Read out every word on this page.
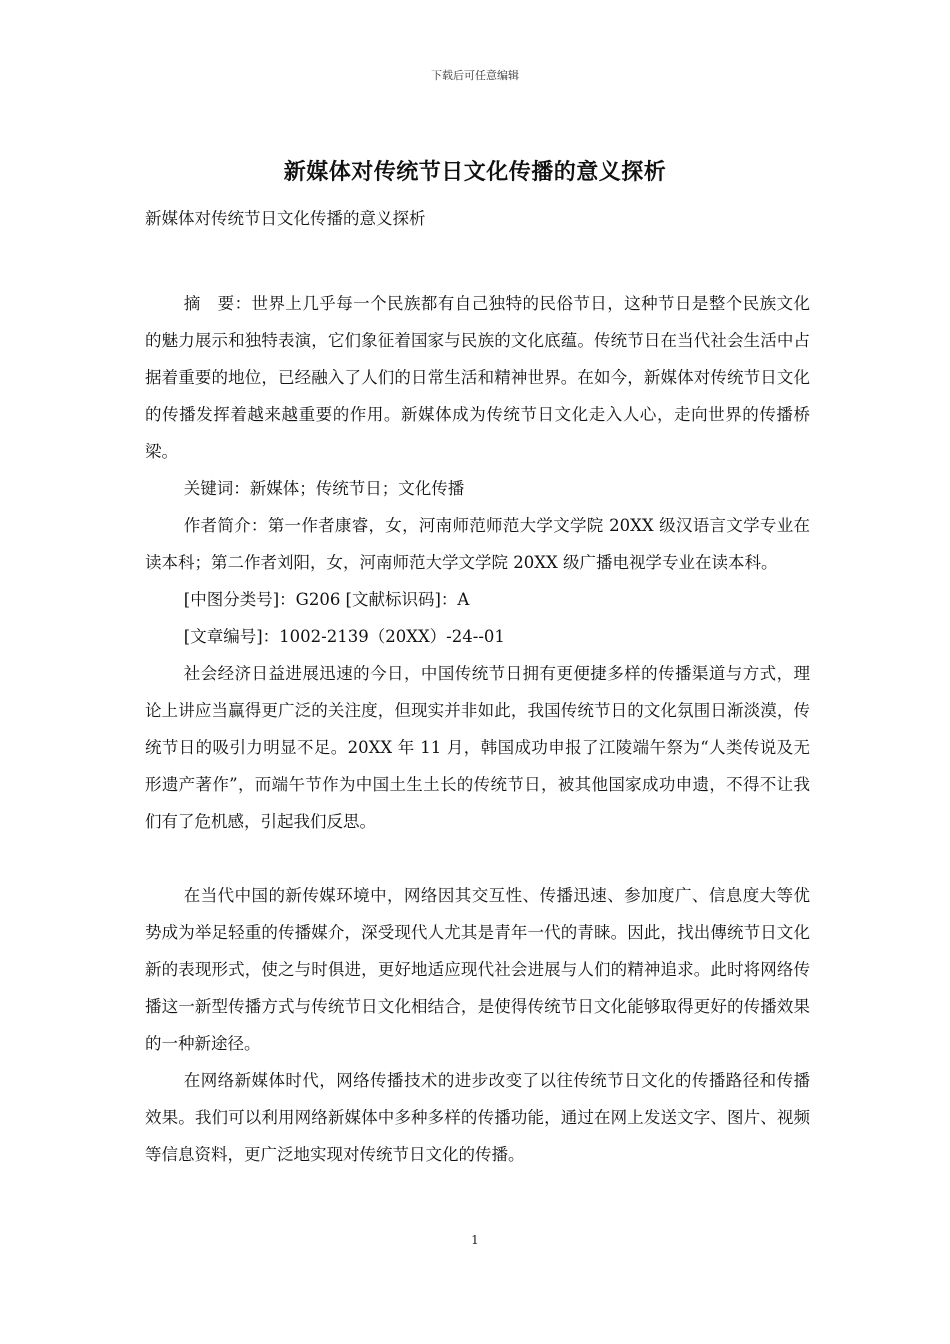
下载后可任意编辑
新媒体对传统节日文化传播的意义探析

新媒体对传统节日文化传播的意义探析

摘　要：世界上几乎每一个民族都有自己独特的民俗节日，这种节日是整个民族文化的魅力展示和独特表演，它们象征着国家与民族的文化底蕴。传统节日在当代社会生活中占据着重要的地位，已经融入了人们的日常生活和精神世界。在如今，新媒体对传统节日文化的传播发挥着越来越重要的作用。新媒体成为传统节日文化走入人心，走向世界的传播桥梁。

关键词：新媒体；传统节日；文化传播

作者简介：第一作者康睿，女，河南师范师范大学文学院 20XX 级汉语言文学专业在读本科；第二作者刘阳，女，河南师范大学文学院 20XX 级广播电视学专业在读本科。

[中图分类号]：G206 [文献标识码]：A

[文章编号]：1002-2139（20XX）-24--01

社会经济日益进展迅速的今日，中国传统节日拥有更便捷多样的传播渠道与方式，理论上讲应当赢得更广泛的关注度，但现实并非如此，我国传统节日的文化氛围日渐淡漠，传统节日的吸引力明显不足。20XX 年 11 月，韩国成功申报了江陵端午祭为“人类传说及无形遗产著作”，而端午节作为中国土生土长的传统节日，被其他国家成功申遗，不得不让我们有了危机感，引起我们反思。

在当代中国的新传媒环境中，网络因其交互性、传播迅速、参加度广、信息度大等优势成为举足轻重的传播媒介，深受现代人尤其是青年一代的青睐。因此，找出傳统节日文化新的表现形式，使之与时俱进，更好地适应现代社会进展与人们的精神追求。此时将网络传播这一新型传播方式与传统节日文化相结合，是使得传统节日文化能够取得更好的传播效果的一种新途径。

在网络新媒体时代，网络传播技术的进步改变了以往传统节日文化的传播路径和传播效果。我们可以利用网络新媒体中多种多样的传播功能，通过在网上发送文字、图片、视频等信息资料，更广泛地实现对传统节日文化的传播。

1
